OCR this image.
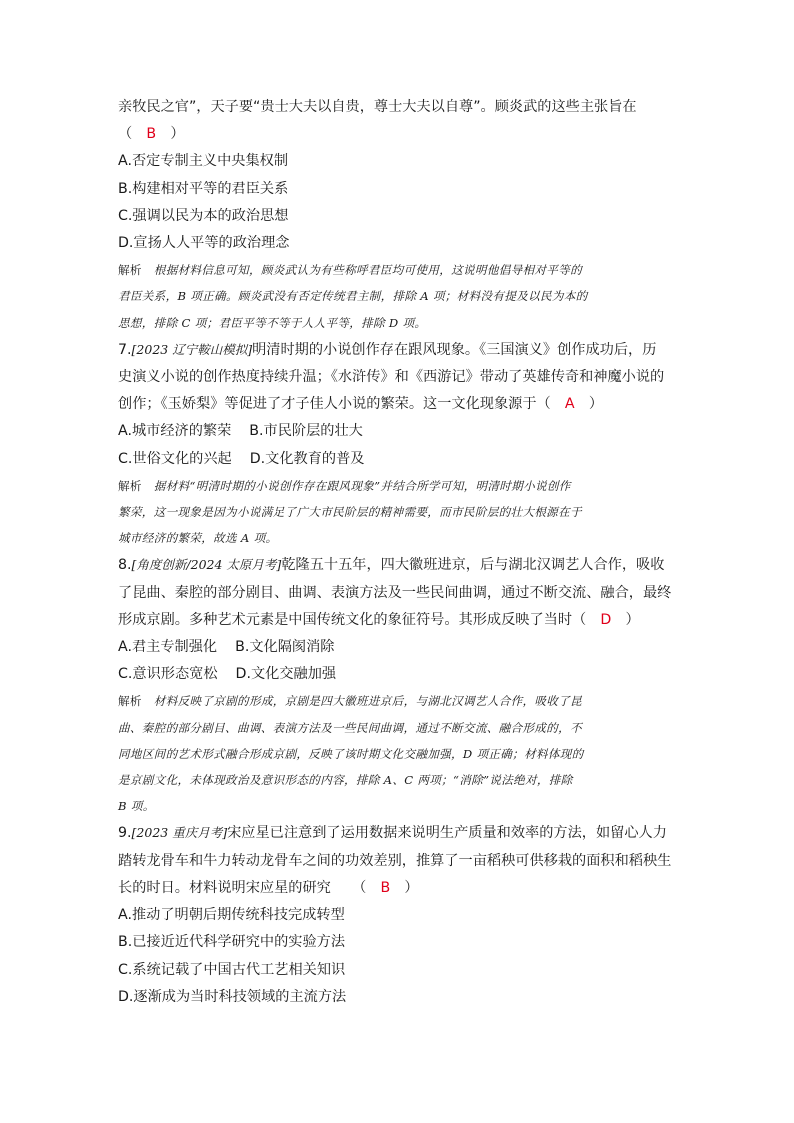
亲牧民之官”，天子要“贵士大夫以自贵，尊士大夫以自尊”。顾炎武的这些主张旨在

（　B　）

A.否定专制主义中央集权制

B.构建相对平等的君臣关系

C.强调以民为本的政治思想

D.宣扬人人平等的政治理念

解析 根据材料信息可知，顾炎武认为有些称呼君臣均可使用，这说明他倡导相对平等的

君臣关系，B 项正确。顾炎武没有否定传统君主制，排除 A 项；材料没有提及以民为本的

思想，排除 C 项；君臣平等不等于人人平等，排除 D 项。

7.[2023 辽宁鞍山模拟]明清时期的小说创作存在跟风现象。《三国演义》创作成功后，历

史演义小说的创作热度持续升温；《水浒传》和《西游记》带动了英雄传奇和神魔小说的

创作；《玉娇梨》等促进了才子佳人小说的繁荣。这一文化现象源于（　A　）

A.城市经济的繁荣 B.市民阶层的壮大

C.世俗文化的兴起 D.文化教育的普及

解析 据材料“明清时期的小说创作存在跟风现象”并结合所学可知，明清时期小说创作

繁荣，这一现象是因为小说满足了广大市民阶层的精神需要，而市民阶层的壮大根源在于

城市经济的繁荣，故选 A 项。

8.[角度创新/2024 太原月考]乾隆五十五年，四大徽班进京，后与湖北汉调艺人合作，吸收

了昆曲、秦腔的部分剧目、曲调、表演方法及一些民间曲调，通过不断交流、融合，最终

形成京剧。多种艺术元素是中国传统文化的象征符号。其形成反映了当时（　D　）

A.君主专制强化 B.文化隔阂消除

C.意识形态宽松 D.文化交融加强

解析 材料反映了京剧的形成，京剧是四大徽班进京后，与湖北汉调艺人合作，吸收了昆

曲、秦腔的部分剧目、曲调、表演方法及一些民间曲调，通过不断交流、融合形成的，不

同地区间的艺术形式融合形成京剧，反映了该时期文化交融加强，D 项正确；材料体现的

是京剧文化，未体现政治及意识形态的内容，排除 A、C 两项；“消除”说法绝对，排除

B 项。

9.[2023 重庆月考]宋应星已注意到了运用数据来说明生产质量和效率的方法，如留心人力

踏转龙骨车和牛力转动龙骨车之间的功效差别，推算了一亩稻秧可供移栽的面积和稻秧生

长的时日。材料说明宋应星的研究　　（　B　）

A.推动了明朝后期传统科技完成转型

B.已接近近代科学研究中的实验方法

C.系统记载了中国古代工艺相关知识

D.逐渐成为当时科技领域的主流方法
